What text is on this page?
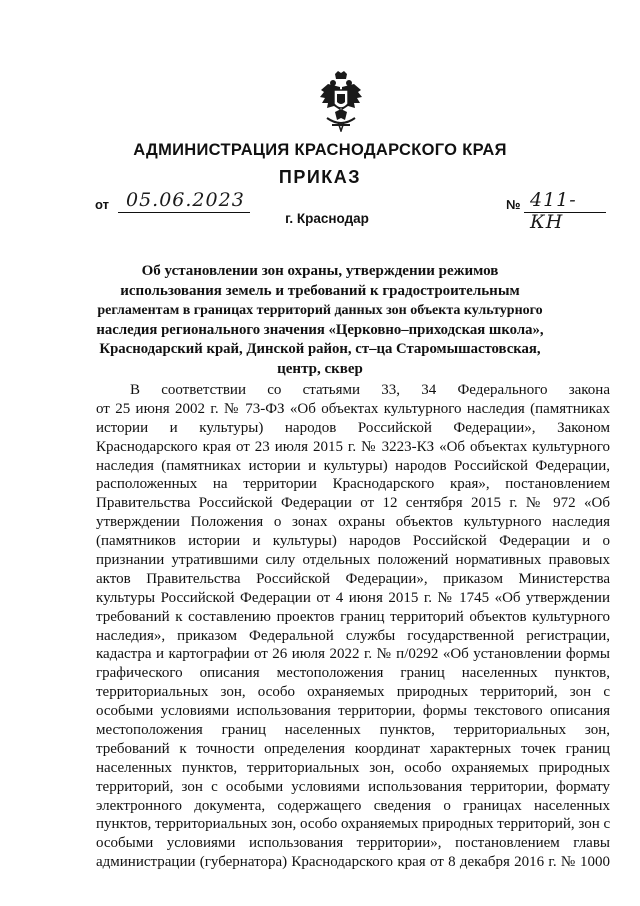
АДМИНИСТРАЦИЯ КРАСНОДАРСКОГО КРАЯ
ПРИКАЗ
от 05.06.2023	№ 411-КН
г. Краснодар
Об установлении зон охраны, утверждении режимов
использования земель и требований к градостроительным
регламентам в границах территорий данных зон объекта культурного
наследия регионального значения «Церковно–приходская школа»,
Краснодарский край, Динской район, ст–ца Старомышастовская,
центр, сквер
В соответствии со статьями 33, 34 Федерального закона
от 25 июня 2002 г. № 73-ФЗ «Об объектах культурного наследия (памятниках
истории и культуры) народов Российской Федерации», Законом
Краснодарского края от 23 июля 2015 г. № 3223-КЗ «Об объектах культурного
наследия (памятниках истории и культуры) народов Российской Федерации,
расположенных на территории Краснодарского края», постановлением
Правительства Российской Федерации от 12 сентября 2015 г. № 972 «Об
утверждении Положения о зонах охраны объектов культурного наследия
(памятников истории и культуры) народов Российской Федерации и о
признании утратившими силу отдельных положений нормативных правовых
актов Правительства Российской Федерации», приказом Министерства
культуры Российской Федерации от 4 июня 2015 г. № 1745 «Об утверждении
требований к составлению проектов границ территорий объектов культурного
наследия», приказом Федеральной службы государственной регистрации,
кадастра и картографии от 26 июля 2022 г. № п/0292 «Об установлении формы
графического описания местоположения границ населенных пунктов,
территориальных зон, особо охраняемых природных территорий, зон с
особыми условиями использования территории, формы текстового описания
местоположения границ населенных пунктов, территориальных зон,
требований к точности определения координат характерных точек границ
населенных пунктов, территориальных зон, особо охраняемых природных
территорий, зон с особыми условиями использования территории, формату
электронного документа, содержащего сведения о границах населенных
пунктов, территориальных зон, особо охраняемых природных территорий, зон с
особыми условиями использования территории», постановлением главы
администрации (губернатора) Краснодарского края от 8 декабря 2016 г. № 1000
